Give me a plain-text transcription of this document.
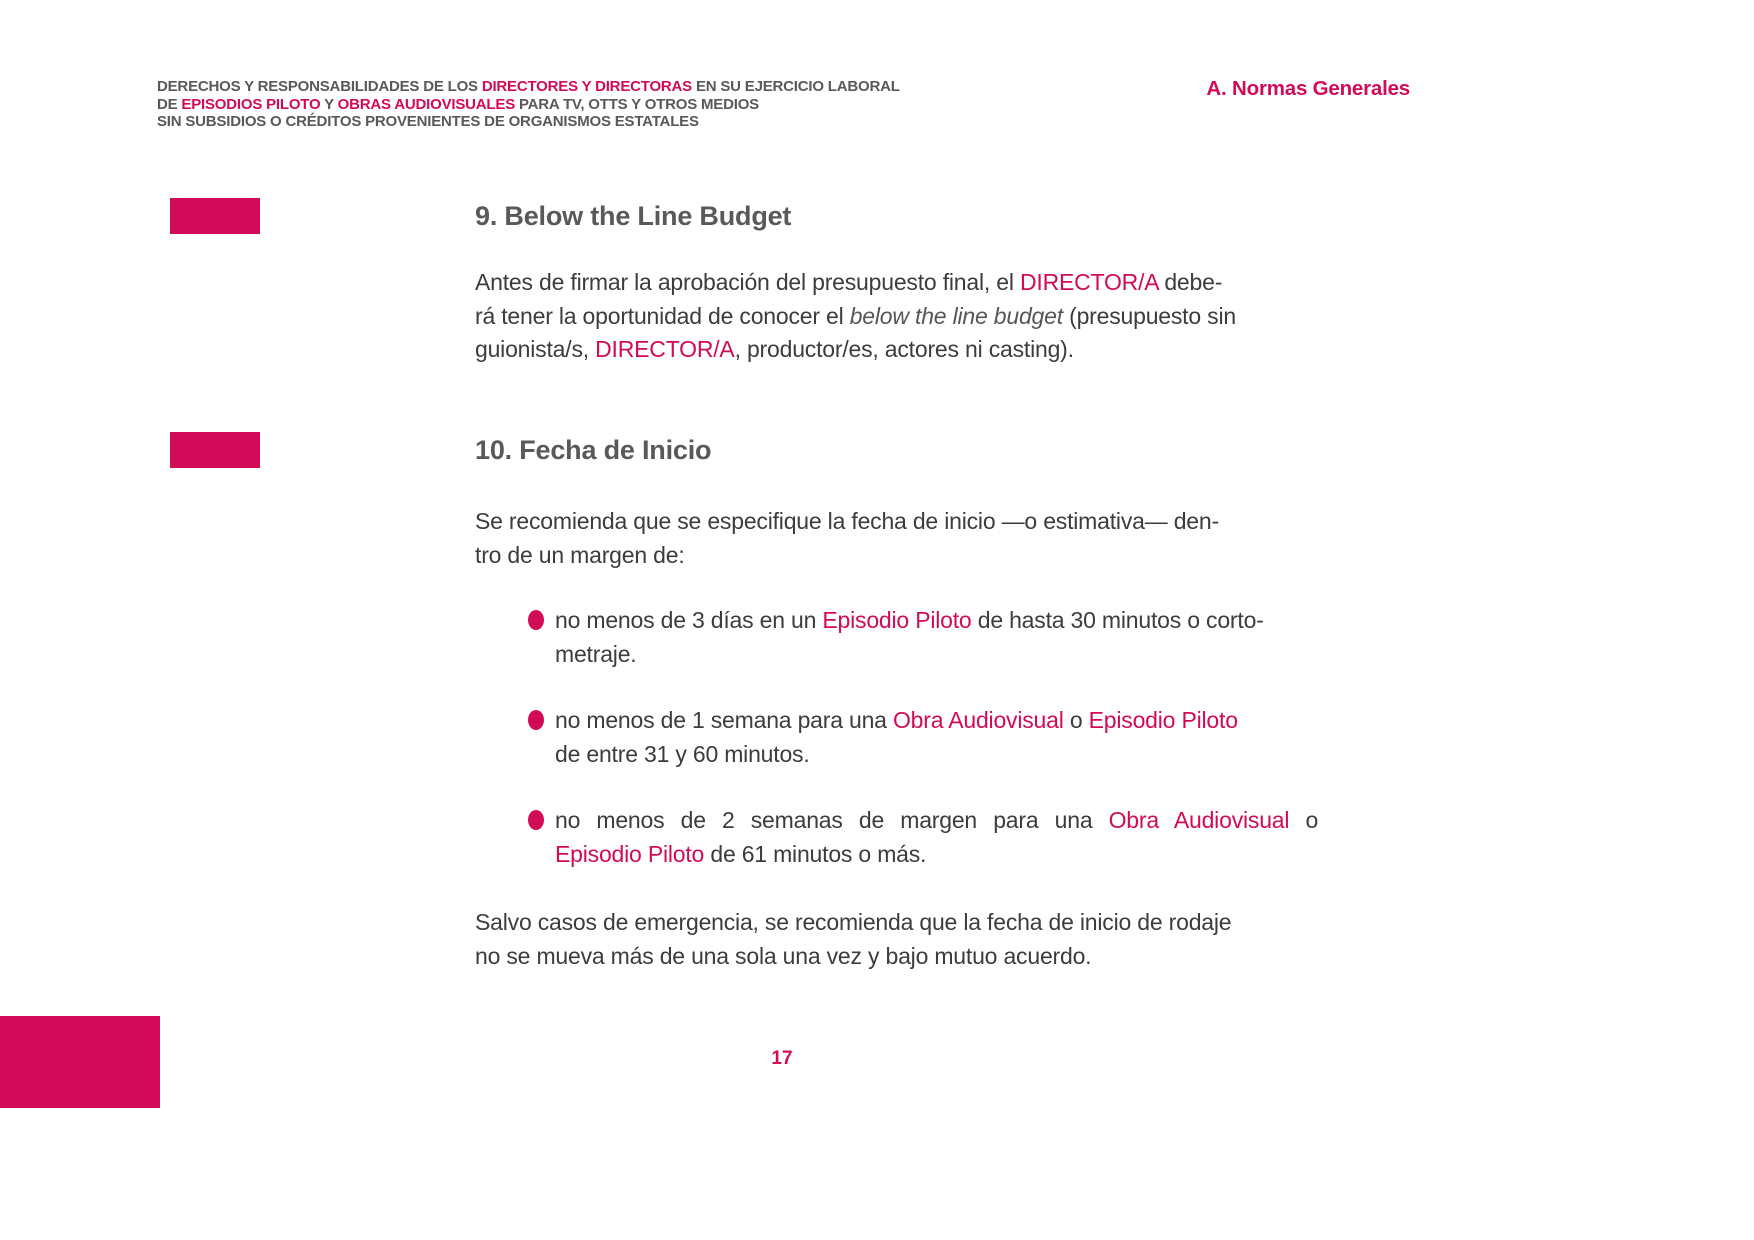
DERECHOS Y RESPONSABILIDADES DE LOS DIRECTORES Y DIRECTORAS EN SU EJERCICIO LABORAL
DE EPISODIOS PILOTO Y OBRAS AUDIOVISUALES PARA TV, OTTS Y OTROS MEDIOS
SIN SUBSIDIOS O CRÉDITOS PROVENIENTES DE ORGANISMOS ESTATALES
A. Normas Generales
9. Below the Line Budget

Antes de firmar la aprobación del presupuesto final, el DIRECTOR/A debe-
rá tener la oportunidad de conocer el below the line budget (presupuesto sin
guionista/s, DIRECTOR/A, productor/es, actores ni casting).

10. Fecha de Inicio

Se recomienda que se especifique la fecha de inicio —o estimativa— den-
tro de un margen de:

no menos de 3 días en un Episodio Piloto de hasta 30 minutos o corto-
metraje.

no menos de 1 semana para una Obra Audiovisual o Episodio Piloto
de entre 31 y 60 minutos.

no menos de 2 semanas de margen para una Obra Audiovisual o
Episodio Piloto de 61 minutos o más.

Salvo casos de emergencia, se recomienda que la fecha de inicio de rodaje
no se mueva más de una sola una vez y bajo mutuo acuerdo.

17
